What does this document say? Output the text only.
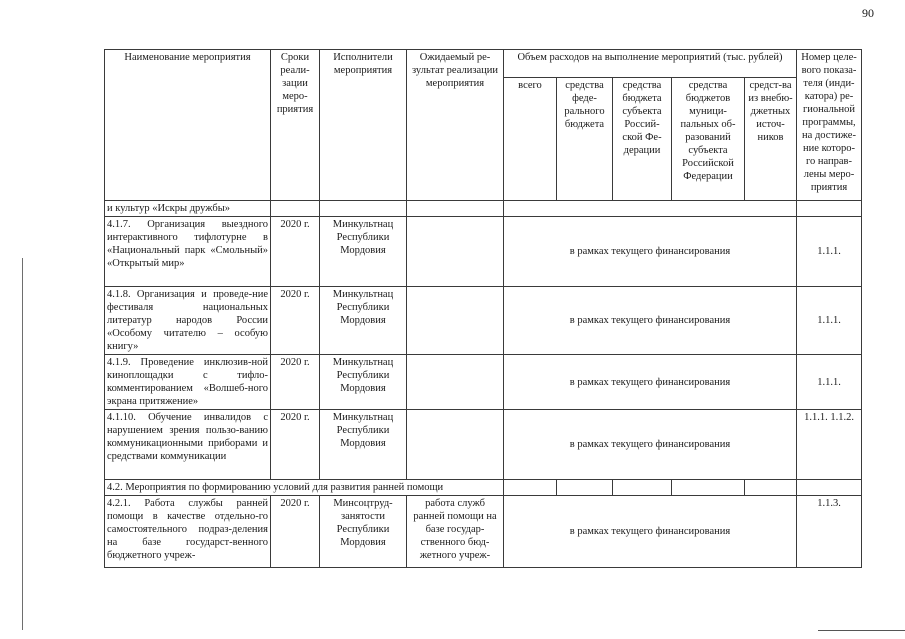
90
Наименование мероприятия	Сроки реали-зации меро-приятия	Исполнители мероприятия	Ожидаемый ре-зультат реализации мероприятия	Объем расходов на выполнение мероприятий (тыс. рублей)					Номер целе-вого показа-теля (инди-катора) ре-гиональной программы, на достиже-ние которо-го направ-лены меро-приятия
				всего	средства феде-рального бюджета	средства бюджета субъекта Россий-ской Фе-дерации	средства бюджетов муници-пальных об-разований субъекта Российской Федерации	средст-ва из внебю-джетных источ-ников	
и культур «Искры дружбы»									
4.1.7. Организация выездного интерактивного тифлотурне в «Национальный парк «Смольный» «Открытый мир»	2020 г.	Минкультнац Республики Мордовия		в рамках текущего финансирования					1.1.1.
4.1.8. Организация и проведе-ние фестиваля национальных литератур народов России «Особому читателю – особую книгу»	2020 г.	Минкультнац Республики Мордовия		в рамках текущего финансирования					1.1.1.
4.1.9. Проведение инклюзив-ной киноплощадки с тифло-комментированием «Волшеб-ного экрана притяжение»	2020 г.	Минкультнац Республики Мордовия		в рамках текущего финансирования					1.1.1.
4.1.10. Обучение инвалидов с нарушением зрения пользо-ванию коммуникационными приборами и средствами коммуникации	2020 г.	Минкультнац Республики Мордовия		в рамках текущего финансирования					1.1.1. 1.1.2.
4.2. Мероприятия по формированию условий для развития ранней помощи									
4.2.1. Работа службы ранней помощи в качестве отдельно-го самостоятельного подраз-деления на базе государст-венного бюджетного учреж-	2020 г.	Минсоцтруд-занятости Республики Мордовия	работа служб ранней помощи на базе государ-ственного бюд-жетного учреж-	в рамках текущего финансирования					1.1.3.
